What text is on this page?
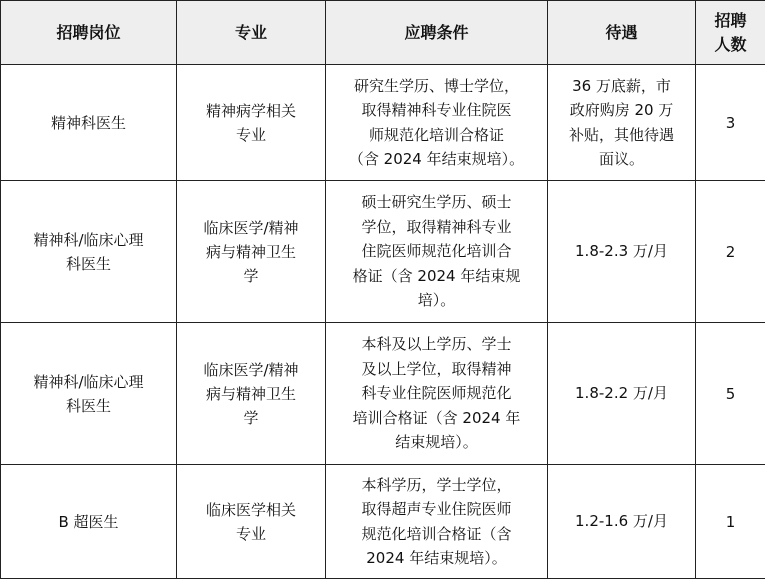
招聘岗位	专业	应聘条件	待遇	招聘
人数
精神科医生	精神病学相关
专业	研究生学历、博士学位，
取得精神科专业住院医
师规范化培训合格证
（含 2024 年结束规培）。	36 万底薪，市
政府购房 20 万
补贴，其他待遇
面议。	3
精神科/临床心理
科医生	临床医学/精神
病与精神卫生
学	硕士研究生学历、硕士
学位，取得精神科专业
住院医师规范化培训合
格证（含 2024 年结束规
培）。	1.8-2.3 万/月	2
精神科/临床心理
科医生	临床医学/精神
病与精神卫生
学	本科及以上学历、学士
及以上学位，取得精神
科专业住院医师规范化
培训合格证（含 2024 年
结束规培）。	1.8-2.2 万/月	5
B 超医生	临床医学相关
专业	本科学历，学士学位，
取得超声专业住院医师
规范化培训合格证（含
2024 年结束规培）。	1.2-1.6 万/月	1
